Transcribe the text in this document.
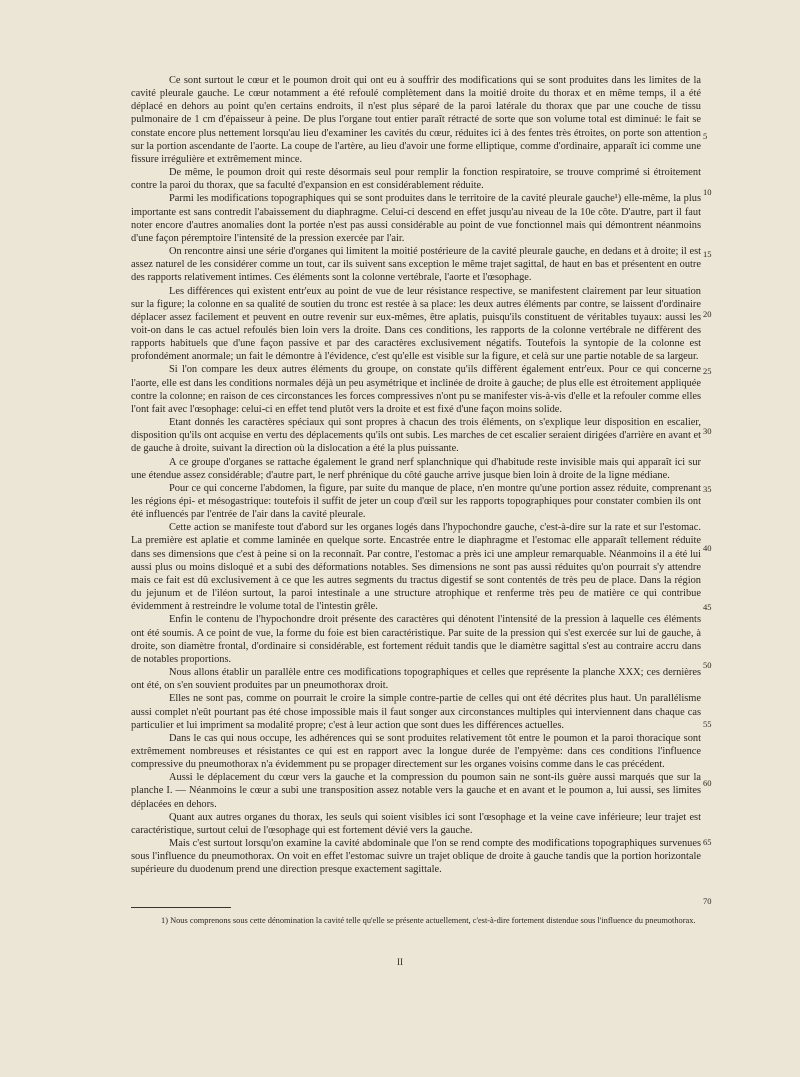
Ce sont surtout le cœur et le poumon droit qui ont eu à souffrir des modifications qui se sont produites dans les limites de la cavité pleurale gauche. Le cœur notamment a été refoulé complètement dans la moitié droite du thorax et en même temps, il a été déplacé en dehors au point qu'en certains endroits, il n'est plus séparé de la paroi latérale du thorax que par une couche de tissu pulmonaire de 1 cm d'épaisseur à peine. De plus l'organe tout entier paraît rétracté de sorte que son volume total est diminué: le fait se constate encore plus nettement lorsqu'au lieu d'examiner les cavités du cœur, réduites ici à des fentes très étroites, on porte son attention sur la portion ascendante de l'aorte. La coupe de l'artère, au lieu d'avoir une forme elliptique, comme d'ordinaire, apparaît ici comme une fissure irrégulière et extrêmement mince.

De même, le poumon droit qui reste désormais seul pour remplir la fonction respiratoire, se trouve comprimé si étroitement contre la paroi du thorax, que sa faculté d'expansion en est considérablement réduite.

Parmi les modifications topographiques qui se sont produites dans le territoire de la cavité pleurale gauche¹) elle-même, la plus importante est sans contredit l'abaissement du diaphragme. Celui-ci descend en effet jusqu'au niveau de la 10e côte. D'autre, part il faut noter encore d'autres anomalies dont la portée n'est pas aussi considérable au point de vue fonctionnel mais qui démontrent néanmoins d'une façon péremptoire l'intensité de la pression exercée par l'air.

On rencontre ainsi une série d'organes qui limitent la moitié postérieure de la cavité pleurale gauche, en dedans et à droite; il est assez naturel de les considérer comme un tout, car ils suivent sans exception le même trajet sagittal, de haut en bas et présentent en outre des rapports relativement intimes. Ces éléments sont la colonne vertébrale, l'aorte et l'œsophage.

Les différences qui existent entr'eux au point de vue de leur résistance respective, se manifestent clairement par leur situation sur la figure; la colonne en sa qualité de soutien du tronc est restée à sa place: les deux autres éléments par contre, se laissent d'ordinaire déplacer assez facilement et peuvent en outre revenir sur eux-mêmes, être aplatis, puisqu'ils constituent de véritables tuyaux: aussi les voit-on dans le cas actuel refoulés bien loin vers la droite. Dans ces conditions, les rapports de la colonne vertébrale ne diffèrent des rapports habituels que d'une façon passive et par des caractères exclusivement négatifs. Toutefois la syntopie de la colonne est profondément anormale; un fait le démontre à l'évidence, c'est qu'elle est visible sur la figure, et celà sur une partie notable de sa largeur.

Si l'on compare les deux autres éléments du groupe, on constate qu'ils diffèrent également entr'eux. Pour ce qui concerne l'aorte, elle est dans les conditions normales déjà un peu asymétrique et inclinée de droite à gauche; de plus elle est étroitement appliquée contre la colonne; en raison de ces circonstances les forces compressives n'ont pu se manifester vis-à-vis d'elle et la refouler comme elles l'ont fait avec l'œsophage: celui-ci en effet tend plutôt vers la droite et est fixé d'une façon moins solide.

Etant donnés les caractères spéciaux qui sont propres à chacun des trois éléments, on s'explique leur disposition en escalier, disposition qu'ils ont acquise en vertu des déplacements qu'ils ont subis. Les marches de cet escalier seraient dirigées d'arrière en avant et de gauche à droite, suivant la direction où la dislocation a été la plus puissante.

A ce groupe d'organes se rattache également le grand nerf splanchnique qui d'habitude reste invisible mais qui apparaît ici sur une étendue assez considérable; d'autre part, le nerf phrénique du côté gauche arrive jusque bien loin à droite de la ligne médiane.

Pour ce qui concerne l'abdomen, la figure, par suite du manque de place, n'en montre qu'une portion assez réduite, comprenant les régions épi- et mésogastrique: toutefois il suffit de jeter un coup d'œil sur les rapports topographiques pour constater combien ils ont été influencés par l'entrée de l'air dans la cavité pleurale.

Cette action se manifeste tout d'abord sur les organes logés dans l'hypochondre gauche, c'est-à-dire sur la rate et sur l'estomac. La première est aplatie et comme laminée en quelque sorte. Encastrée entre le diaphragme et l'estomac elle apparaît tellement réduite dans ses dimensions que c'est à peine si on la reconnaît. Par contre, l'estomac a près ici une ampleur remarquable. Néanmoins il a été lui aussi plus ou moins disloqué et a subi des déformations notables. Ses dimensions ne sont pas aussi réduites qu'on pourrait s'y attendre mais ce fait est dû exclusivement à ce que les autres segments du tractus digestif se sont contentés de très peu de place. Dans la région du jejunum et de l'iléon surtout, la paroi intestinale a une structure atrophique et renferme très peu de matière ce qui contribue évidemment à restreindre le volume total de l'intestin grêle.

Enfin le contenu de l'hypochondre droit présente des caractères qui dénotent l'intensité de la pression à laquelle ces éléments ont été soumis. A ce point de vue, la forme du foie est bien caractéristique. Par suite de la pression qui s'est exercée sur lui de gauche, à droite, son diamètre frontal, d'ordinaire si considérable, est fortement réduit tandis que le diamètre sagittal s'est au contraire accru dans de notables proportions.

Nous allons établir un parallèle entre ces modifications topographiques et celles que représente la planche XXX; ces dernières ont été, on s'en souvient produites par un pneumothorax droit.

Elles ne sont pas, comme on pourrait le croire la simple contre-partie de celles qui ont été décrites plus haut. Un parallélisme aussi complet n'eût pourtant pas été chose impossible mais il faut songer aux circonstances multiples qui interviennent dans chaque cas particulier et lui impriment sa modalité propre; c'est à leur action que sont dues les différences actuelles.

Dans le cas qui nous occupe, les adhérences qui se sont produites relativement tôt entre le poumon et la paroi thoracique sont extrêmement nombreuses et résistantes ce qui est en rapport avec la longue durée de l'empyème: dans ces conditions l'influence compressive du pneumothorax n'a évidemment pu se propager directement sur les organes voisins comme dans le cas précédent.

Aussi le déplacement du cœur vers la gauche et la compression du poumon sain ne sont-ils guère aussi marqués que sur la planche I. — Néanmoins le cœur a subi une transposition assez notable vers la gauche et en avant et le poumon a, lui aussi, ses limites déplacées en dehors.

Quant aux autres organes du thorax, les seuls qui soient visibles ici sont l'œsophage et la veine cave inférieure; leur trajet est caractéristique, surtout celui de l'œsophage qui est fortement dévié vers la gauche.

Mais c'est surtout lorsqu'on examine la cavité abdominale que l'on se rend compte des modifications topographiques survenues sous l'influence du pneumothorax. On voit en effet l'estomac suivre un trajet oblique de droite à gauche tandis que la portion horizontale supérieure du duodenum prend une direction presque exactement sagittale.

5
10
15
20
25
30
35
40
45
50
55
60
65
70
1) Nous comprenons sous cette dénomination la cavité telle qu'elle se présente actuellement, c'est-à-dire fortement distendue sous l'influence du pneumothorax.
II
